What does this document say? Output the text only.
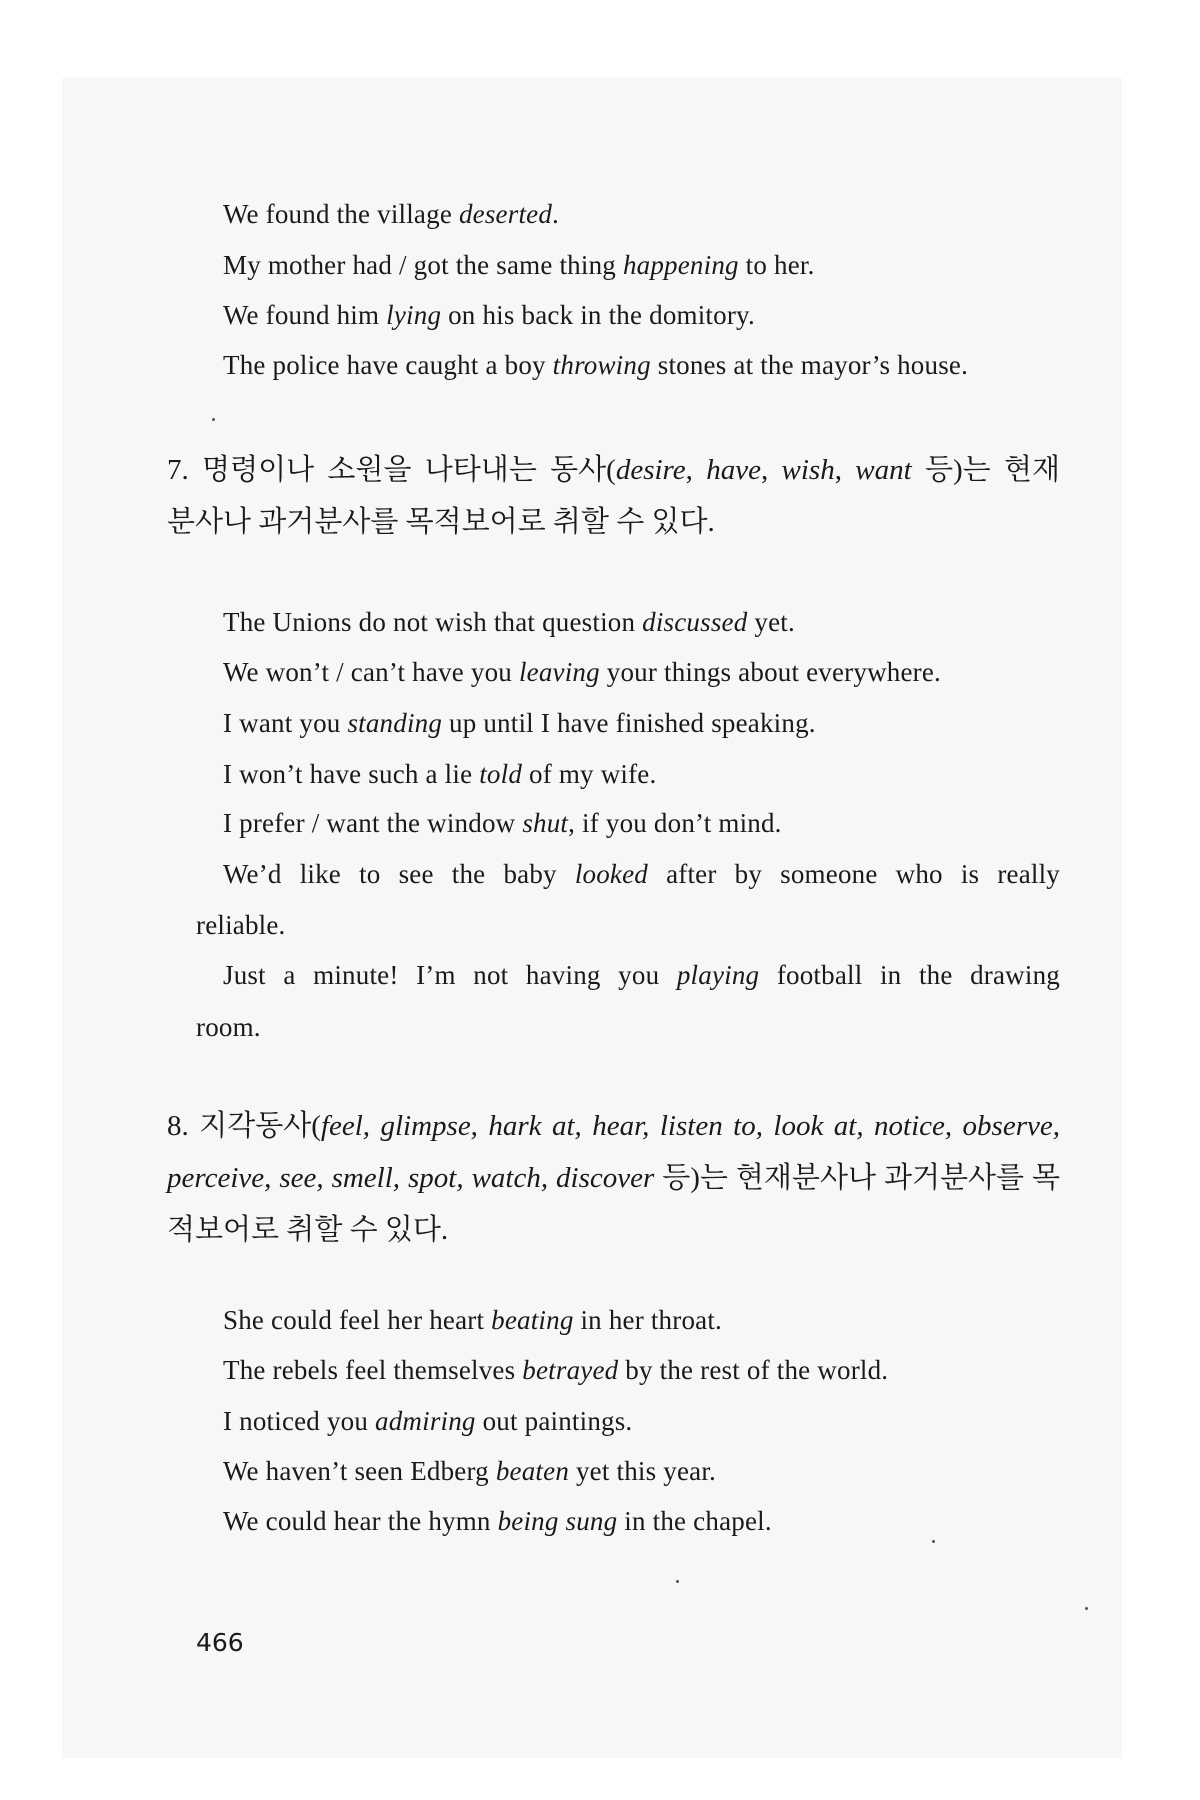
We found the village deserted.
My mother had / got the same thing happening to her.
We found him lying on his back in the domitory.
The police have caught a boy throwing stones at the mayor’s house.
7. 명령이나 소원을 나타내는 동사(desire, have, wish, want 등)는 현재
분사나 과거분사를 목적보어로 취할 수 있다.
The Unions do not wish that question discussed yet.
We won’t / can’t have you leaving your things about everywhere.
I want you standing up until I have finished speaking.
I won’t have such a lie told of my wife.
I prefer / want the window shut, if you don’t mind.
We’d like to see the baby looked after by someone who is really
reliable.
Just a minute! I’m not having you playing football in the drawing
room.
8. 지각동사(feel, glimpse, hark at, hear, listen to, look at, notice, observe,
perceive, see, smell, spot, watch, discover 등)는 현재분사나 과거분사를 목
적보어로 취할 수 있다.
She could feel her heart beating in her throat.
The rebels feel themselves betrayed by the rest of the world.
I noticed you admiring out paintings.
We haven’t seen Edberg beaten yet this year.
We could hear the hymn being sung in the chapel.
466
